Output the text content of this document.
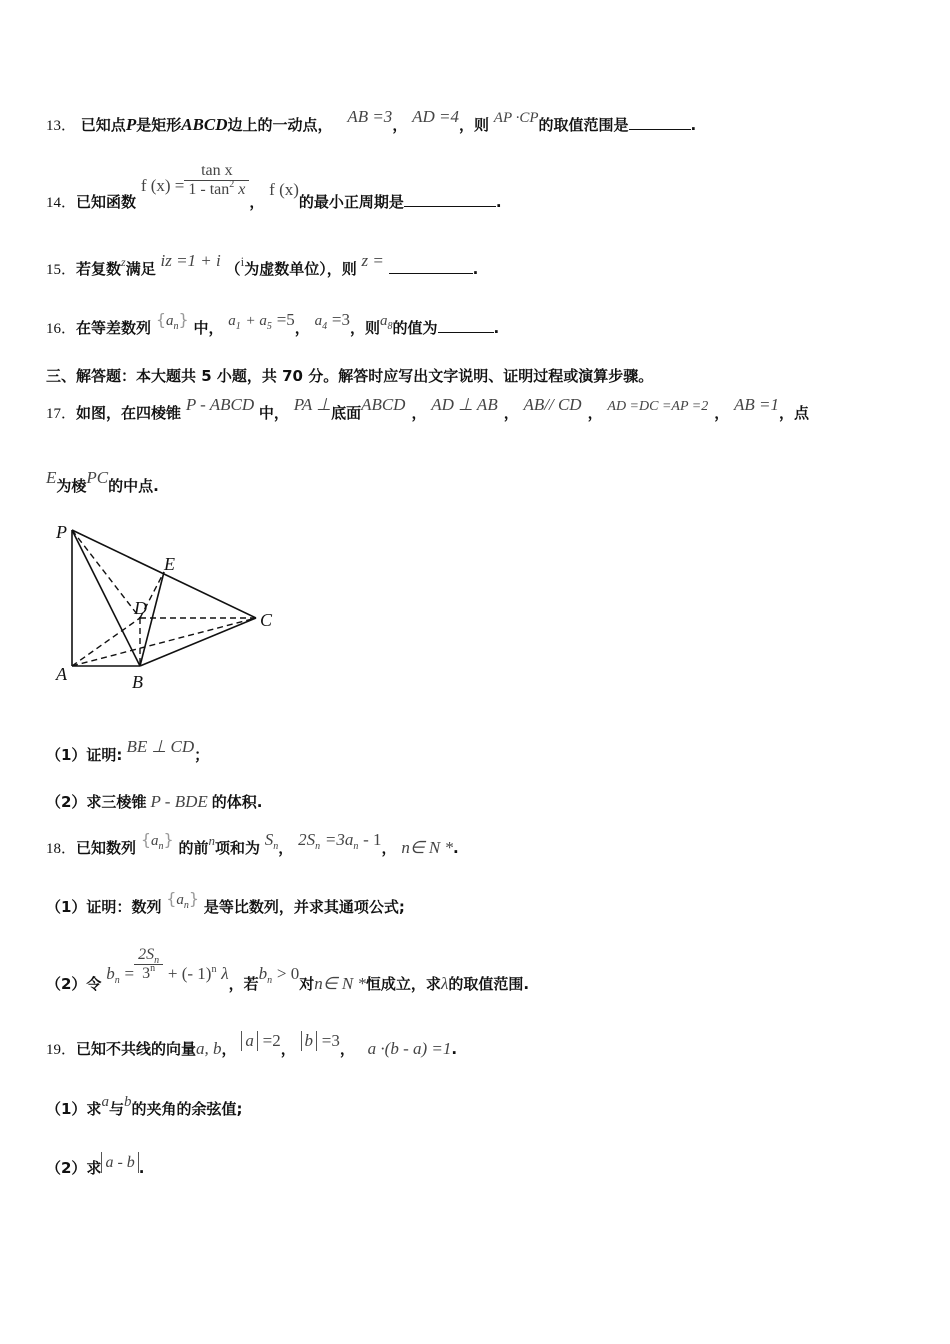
13． 已知点P是矩形ABCD边上的一动点， AB =3， AD =4，则 AP ·CP的取值范围是	.
14．已知函数 f $(x) = \frac{\text{tan x}}{1 - \tan^2 x}$
， f (x)的最小正周期是	.
15．若复数$^z$满足 iz =1 + i （i为虚数单位），则 z =	.
16．在等差数列 $\{a_n\}$ 中， $a_1 + a_5 =5$， $a_4 =3$，则$a_8$的值为	.
三、解答题：本大题共 5 小题，共 70 分。解答时应写出文字说明、证明过程或演算步骤。
17．如图，在四棱锥 P - ABCD 中， PA ⊥底面ABCD ， AD ⊥ AB ， AB// CD ， AD =DC =AP =2 ， AB =1，点
E为棱PC的中点.
P
E
D
C
A	B
（1）证明: BE ⊥ CD；
（2）求三棱锥 P - BDE 的体积.
18．已知数列 $\{a_n\}$ 的前n项和为 $S_n$， $2S_n =3a_n - 1$， n∈ N *.
（1）证明：数列 $\{a_n\}$ 是等比数列，并求其通项公式;
（2）令 $b_n = \frac{2S_n}{3^n}$ + (- 1)$^n$ λ，若$b_n > 0$对n∈ N *恒成立，求λ的取值范围.
19．已知不共线的向量a, b， a =2， b =3， a ·(b - a) =1.
（1）求a与b的夹角的余弦值;
（2）求 a - b .
